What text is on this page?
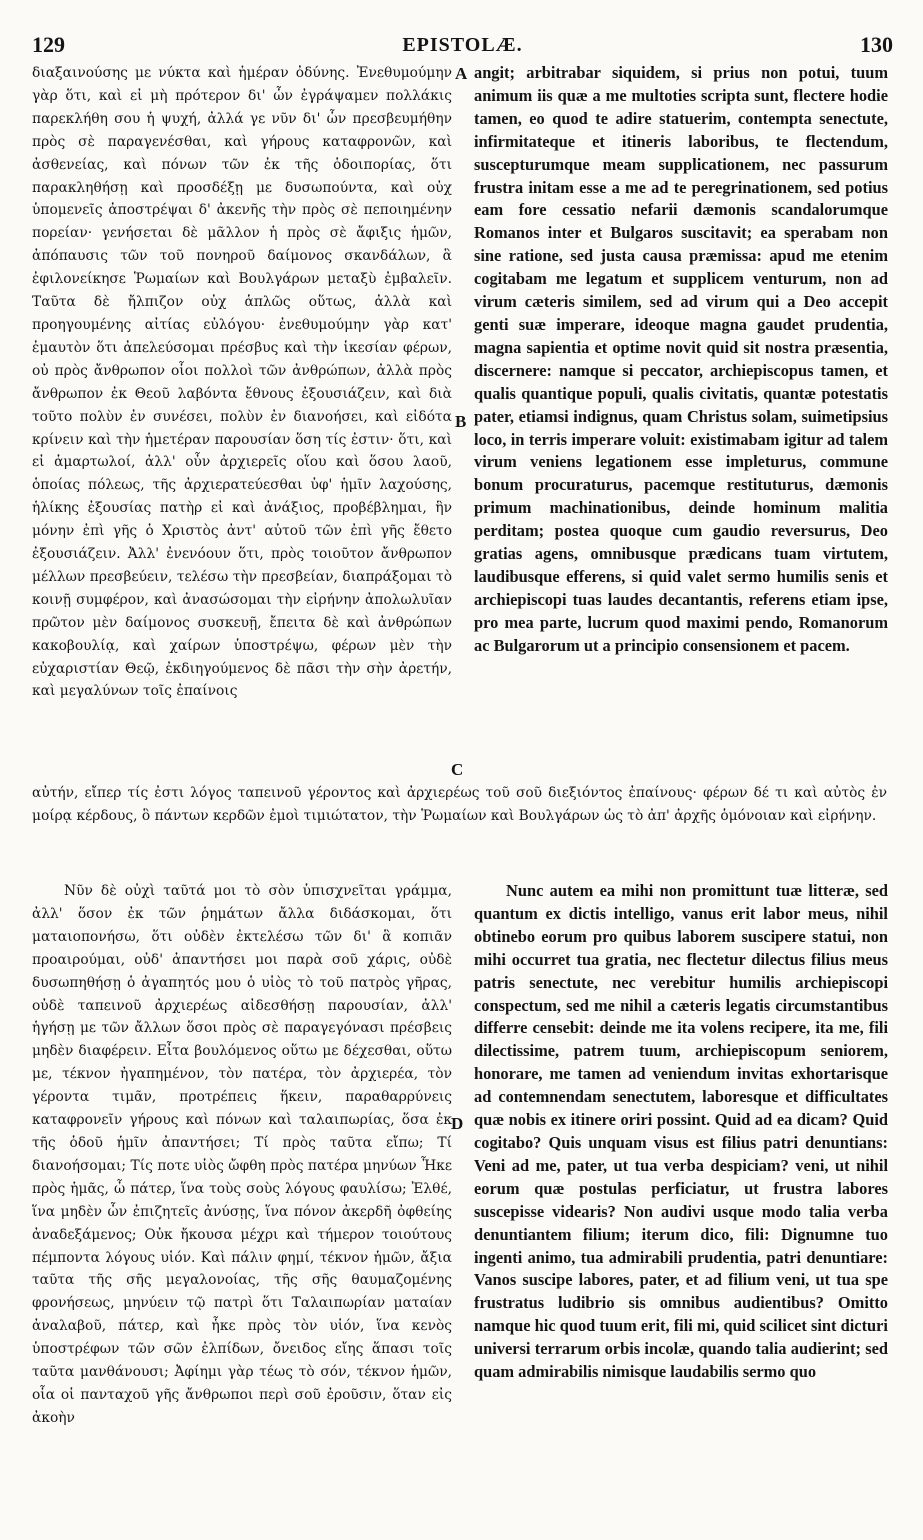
129	EPISTOLÆ.	130

διαξαινούσης με νύκτα καὶ ἡμέραν ὀδύνης. Ἐνεθυμούμην γὰρ ὅτι, καὶ εἰ μὴ πρότερον δι' ὧν ἐγράψαμεν πολλάκις παρεκλήθη σου ἡ ψυχή, ἀλλά γε νῦν δι' ὧν πρεσβευμήθην πρὸς σὲ παραγενέσθαι, καὶ γήρους καταφρονῶν, καὶ ἀσθενείας, καὶ πόνων τῶν ἐκ τῆς ὁδοιπορίας, ὅτι παρακληθήσῃ καὶ προσδέξῃ με δυσωπούντα, καὶ οὐχ ὑπομενεῖς ἀποστρέψαι δ' ἀκενῆς τὴν πρὸς σὲ πεποιημένην πορείαν· γενήσεται δὲ μᾶλλον ἡ πρὸς σὲ ἄφιξις ἡμῶν, ἀπόπαυσις τῶν τοῦ πονηροῦ δαίμονος σκανδάλων, ἃ ἐφιλονείκησε Ῥωμαίων καὶ Βουλγάρων μεταξὺ ἐμβαλεῖν. Ταῦτα δὲ ἤλπιζον οὐχ ἁπλῶς οὕτως, ἀλλὰ καὶ προηγουμένης αἰτίας εὐλόγου· ἐνεθυμούμην γὰρ κατ' ἐμαυτὸν ὅτι ἀπελεύσομαι πρέσβυς καὶ τὴν ἱκεσίαν φέρων, οὐ πρὸς ἄνθρωπον οἷοι πολλοὶ τῶν ἀνθρώπων, ἀλλὰ πρὸς ἄνθρωπον ἐκ Θεοῦ λαβόντα ἔθνους ἐξουσιάζειν, καὶ διὰ τοῦτο πολὺν ἐν συνέσει, πολὺν ἐν διανοήσει, καὶ εἰδότα κρίνειν καὶ τὴν ἡμετέραν παρουσίαν ὅση τίς ἐστιν· ὅτι, καὶ εἰ ἁμαρτωλοί, ἀλλ' οὖν ἀρχιερεῖς οἵου καὶ ὅσου λαοῦ, ὁποίας πόλεως, τῆς ἀρχιερατεύεσθαι ὑφ' ἡμῖν λαχούσης, ἡλίκης ἐξουσίας πατὴρ εἰ καὶ ἀνάξιος, προβέβλημαι, ἣν μόνην ἐπὶ γῆς ὁ Χριστὸς ἀντ' αὐτοῦ τῶν ἐπὶ γῆς ἔθετο ἐξουσιάζειν. Ἀλλ' ἐνενόουν ὅτι, πρὸς τοιοῦτον ἄνθρωπον μέλλων πρεσβεύειν, τελέσω τὴν πρεσβείαν, διαπράξομαι τὸ κοινῇ συμφέρον, καὶ ἀνασώσομαι τὴν εἰρήνην ἀπολωλυῖαν πρῶτον μὲν δαίμονος συσκευῇ, ἔπειτα δὲ καὶ ἀνθρώπων κακοβουλίᾳ, καὶ χαίρων ὑποστρέψω, φέρων μὲν τὴν εὐχαριστίαν Θεῷ, ἐκδιηγούμενος δὲ πᾶσι τὴν σὴν ἀρετήν, καὶ μεγαλύνων τοῖς ἐπαίνοις

angit; arbitrabar siquidem, si prius non potui, tuum animum iis quæ a me multoties scripta sunt, flectere hodie tamen, eo quod te adire statuerim, contempta senectute, infirmitateque et itineris laboribus, te flectendum, suscepturumque meam supplicationem, nec passurum frustra initam esse a me ad te peregrinationem, sed potius eam fore cessatio nefarii dæmonis scandalorumque Romanos inter et Bulgaros suscitavit; ea sperabam non sine ratione, sed justa causa præmissa: apud me etenim cogitabam me legatum et supplicem venturum, non ad virum cæteris similem, sed ad virum qui a Deo accepit genti suæ imperare, ideoque magna gaudet prudentia, magna sapientia et optime novit quid sit nostra præsentia, discernere: namque si peccator, archiepiscopus tamen, et qualis quantique populi, qualis civitatis, quantæ potestatis pater, etiamsi indignus, quam Christus solam, suimetipsius loco, in terris imperare voluit: existimabam igitur ad talem virum veniens legationem esse impleturus, commune bonum procuraturus, pacemque restituturus, dæmonis primum machinationibus, deinde hominum malitia perditam; postea quoque cum gaudio reversurus, Deo gratias agens, omnibusque prædicans tuam virtutem, laudibusque efferens, si quid valet sermo humilis senis et archiepiscopi tuas laudes decantantis, referens etiam ipse, pro mea parte, lucrum quod maximi pendo, Romanorum ac Bulgarorum ut a principio consensionem et pacem.

A
B
C
D

αὐτήν, εἴπερ τίς ἐστι λόγος ταπεινοῦ γέροντος καὶ ἀρχιερέως τοῦ σοῦ διεξιόντος ἐπαίνους· φέρων δέ τι καὶ αὐτὸς ἐν μοίρᾳ κέρδους, ὃ πάντων κερδῶν ἐμοὶ τιμιώτατον, τὴν Ῥωμαίων καὶ Βουλγάρων ὡς τὸ ἀπ' ἀρχῆς ὁμόνοιαν καὶ εἰρήνην.

Νῦν δὲ οὐχὶ ταῦτά μοι τὸ σὸν ὑπισχνεῖται γράμμα, ἀλλ' ὅσον ἐκ τῶν ῥημάτων ἄλλα διδάσκομαι, ὅτι ματαιοπονήσω, ὅτι οὐδὲν ἐκτελέσω τῶν δι' ἃ κοπιᾶν προαιρούμαι, οὐδ' ἀπαντήσει μοι παρὰ σοῦ χάρις, οὐδὲ δυσωπηθήσῃ ὁ ἀγαπητός μου ὁ υἱὸς τὸ τοῦ πατρὸς γῆρας, οὐδὲ ταπεινοῦ ἀρχιερέως αἰδεσθήσῃ παρουσίαν, ἀλλ' ἡγήσῃ με τῶν ἄλλων ὅσοι πρὸς σὲ παραγεγόνασι πρέσβεις μηδὲν διαφέρειν. Εἶτα βουλόμενος οὕτω με δέχεσθαι, οὕτω με, τέκνον ἠγαπημένον, τὸν πατέρα, τὸν ἀρχιερέα, τὸν γέροντα τιμᾶν, προτρέπεις ἥκειν, παραθαρρύνεις καταφρονεῖν γήρους καὶ πόνων καὶ ταλαιπωρίας, ὅσα ἐκ τῆς ὁδοῦ ἡμῖν ἀπαντήσει; Τί πρὸς ταῦτα εἴπω; Τί διανοήσομαι; Τίς ποτε υἱὸς ὤφθη πρὸς πατέρα μηνύων Ἧκε πρὸς ἡμᾶς, ὦ πάτερ, ἵνα τοὺς σοὺς λόγους φαυλίσω; Ἐλθέ, ἵνα μηδὲν ὧν ἐπιζητεῖς ἀνύσῃς, ἵνα πόνον ἀκερδῆ ὀφθείης ἀναδεξάμενος; Οὐκ ἤκουσα μέχρι καὶ τήμερον τοιούτους πέμποντα λόγους υἱόν. Καὶ πάλιν φημί, τέκνον ἡμῶν, ἄξια ταῦτα τῆς σῆς μεγαλονοίας, τῆς σῆς θαυμαζομένης φρονήσεως, μηνύειν τῷ πατρὶ ὅτι Ταλαιπωρίαν ματαίαν ἀναλαβοῦ, πάτερ, καὶ ἧκε πρὸς τὸν υἱόν, ἵνα κενὸς ὑποστρέφων τῶν σῶν ἐλπίδων, ὄνειδος εἴης ἅπασι τοῖς ταῦτα μανθάνουσι; Ἀφίημι γὰρ τέως τὸ σόν, τέκνον ἡμῶν, οἷα οἱ πανταχοῦ γῆς ἄνθρωποι περὶ σοῦ ἐροῦσιν, ὅταν εἰς ἀκοὴν

Nunc autem ea mihi non promittunt tuæ litteræ, sed quantum ex dictis intelligo, vanus erit labor meus, nihil obtinebo eorum pro quibus laborem suscipere statui, non mihi occurret tua gratia, nec flectetur dilectus filius meus patris senectute, nec verebitur humilis archiepiscopi conspectum, sed me nihil a cæteris legatis circumstantibus differre censebit: deinde me ita volens recipere, ita me, fili dilectissime, patrem tuum, archiepiscopum seniorem, honorare, me tamen ad veniendum invitas exhortarisque ad contemnendam senectutem, laboresque et difficultates quæ nobis ex itinere oriri possint. Quid ad ea dicam? Quid cogitabo? Quis unquam visus est filius patri denuntians: Veni ad me, pater, ut tua verba despiciam? veni, ut nihil eorum quæ postulas perficiatur, ut frustra labores suscepisse videaris? Non audivi usque modo talia verba denuntiantem filium; iterum dico, fili: Dignumne tuo ingenti animo, tua admirabili prudentia, patri denuntiare: Vanos suscipe labores, pater, et ad filium veni, ut tua spe frustratus ludibrio sis omnibus audientibus? Omitto namque hic quod tuum erit, fili mi, quid scilicet sint dicturi universi terrarum orbis incolæ, quando talia audierint; sed quam admirabilis nimisque laudabilis sermo quo
